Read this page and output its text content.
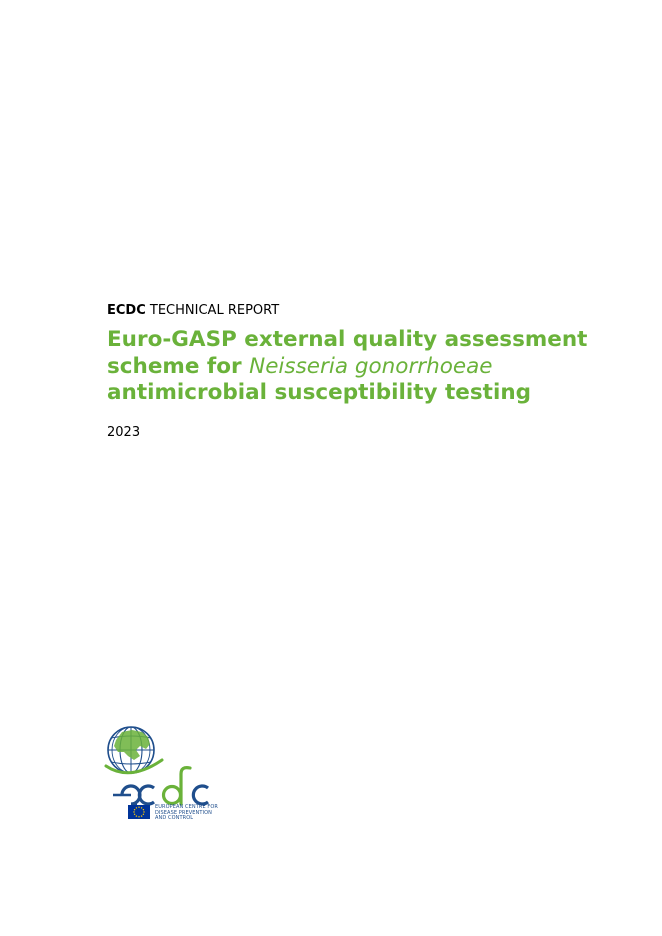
ECDC TECHNICAL REPORT
Euro-GASP external quality assessment
scheme for Neisseria gonorrhoeae
antimicrobial susceptibility testing
2023
EUROPEAN CENTRE FOR
DISEASE PREVENTION
AND CONTROL
